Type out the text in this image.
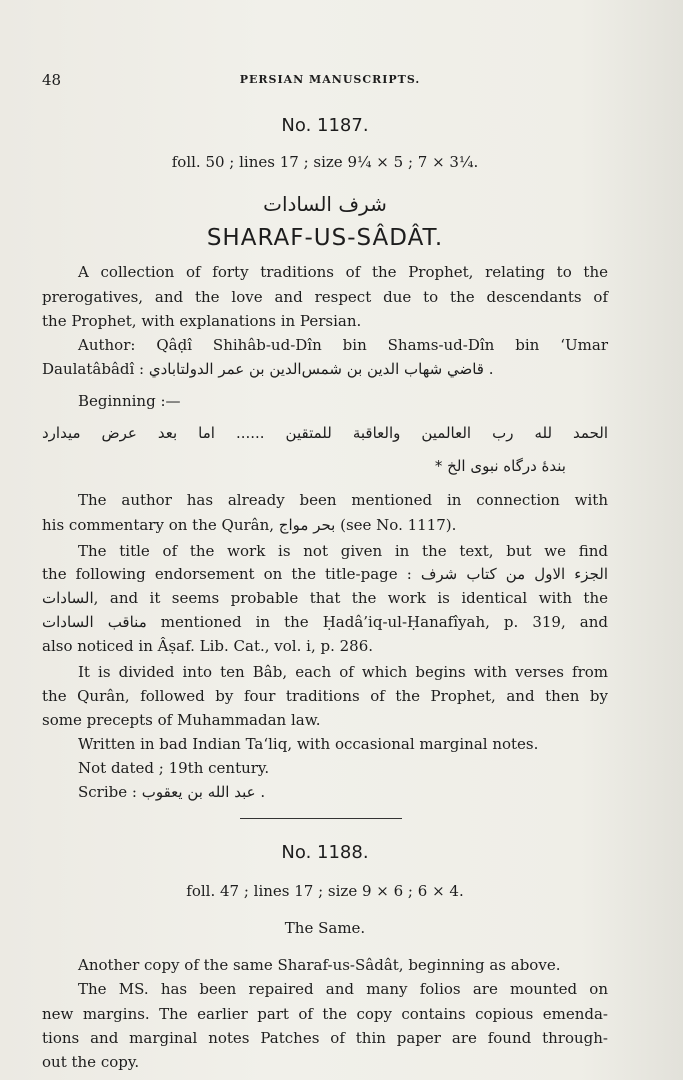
48	PERSIAN MANUSCRIPTS.
No. 1187.
foll. 50 ; lines 17 ; size 9¼ × 5 ; 7 × 3¼.
شرف السادات
SHARAF-US-SÂDÂT.
A collection of forty traditions of the Prophet, relating to the
prerogatives, and the love and respect due to the descendants of
the Prophet, with explanations in Persian.
Author: Qâḍî Shihâb-ud-Dîn bin Shams-ud-Dîn bin ‘Umar
Daulatâbâdî : قاضي شهاب الدين بن شمس‌الدين بن عمر الدولتابادي .
Beginning :—
الحمد لله رب العالمين والعاقبة للمتقين ...... اما بعد عرض میدارد
بندهٔ درگاه نبوی الخ *
The author has already been mentioned in connection with
his commentary on the Qurân, بحر مواج (see No. 1117).
The title of the work is not given in the text, but we find
the following endorsement on the title-page : الجزء الاول من كتاب شرف
السادات, and it seems probable that the work is identical with the
مناقب السادات mentioned in the Ḥadâ’iq-ul-Ḥanafîyah, p. 319, and
also noticed in Âṣaf. Lib. Cat., vol. i, p. 286.
It is divided into ten Bâb, each of which begins with verses from
the Qurân, followed by four traditions of the Prophet, and then by
some precepts of Muhammadan law.
Written in bad Indian Ta‘liq, with occasional marginal notes.
Not dated ; 19th century.
Scribe : عبد الله بن يعقوب .
No. 1188.
foll. 47 ; lines 17 ; size 9 × 6 ; 6 × 4.
The Same.
Another copy of the same Sharaf-us-Sâdât, beginning as above.
The MS. has been repaired and many folios are mounted on
new margins. The earlier part of the copy contains copious emenda-
tions and marginal notes Patches of thin paper are found through-
out the copy.
